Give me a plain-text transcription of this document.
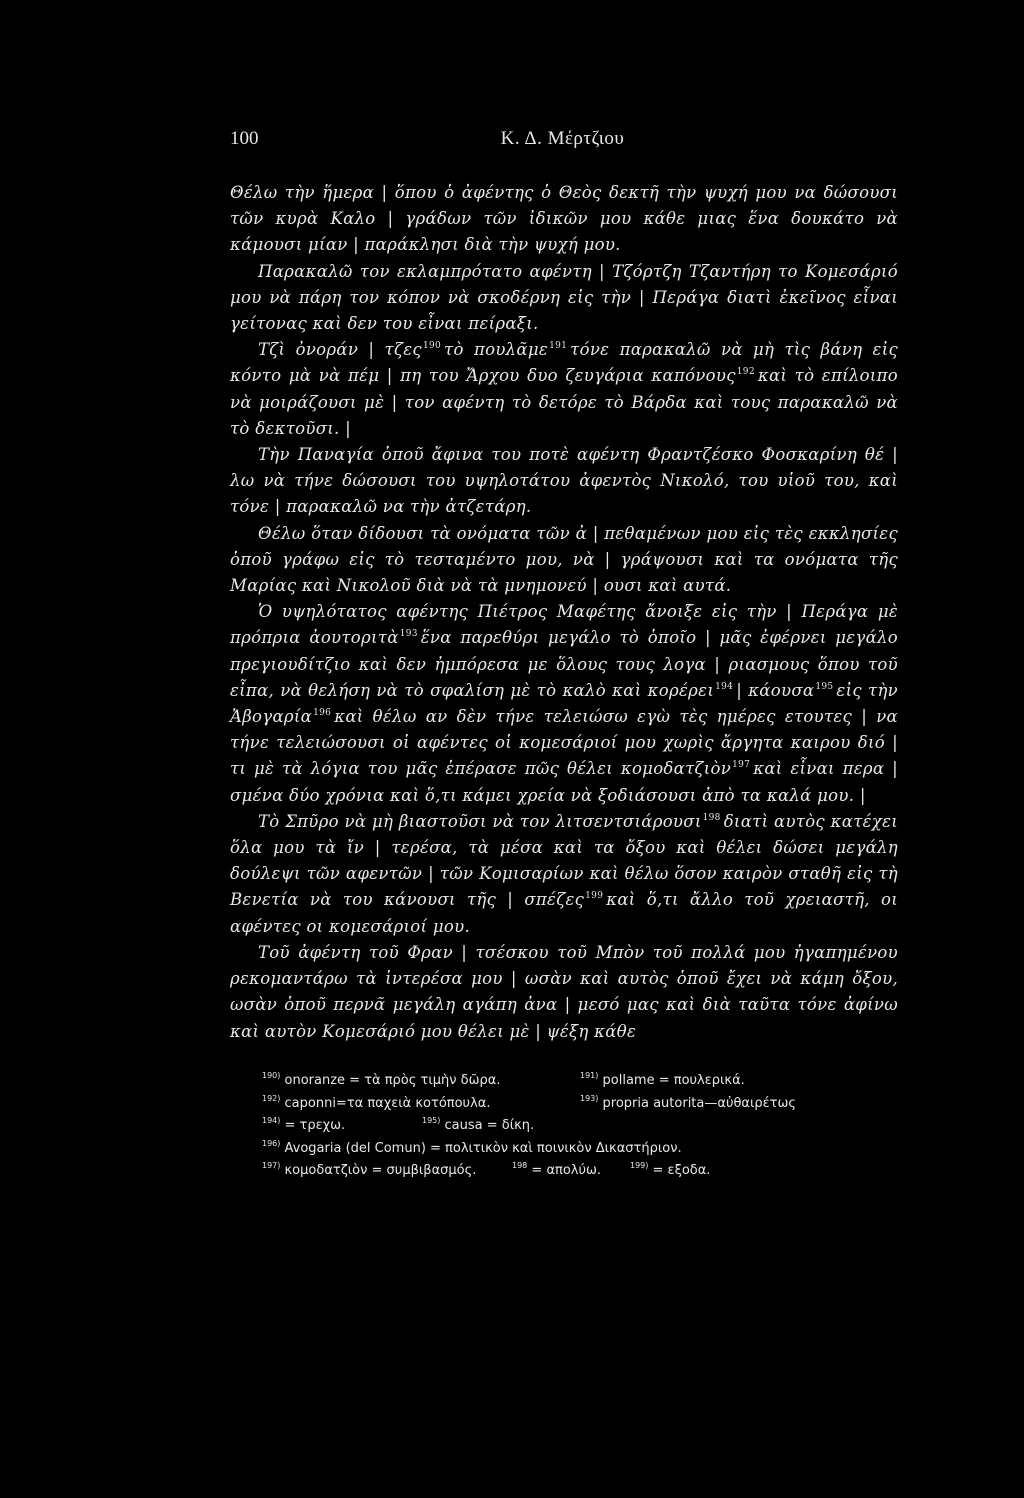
100	Κ. Δ. Μέρτζιου

Θέλω τὴν ἥμερα | ὅπου ὁ ἀφέντης ὁ Θεὸς δεκτῆ τὴν ψυχή μου να δώσουσι τῶν κυρὰ Καλο | γράδων τῶν ἰδικῶν μου κάθε μιας ἕνα δουκάτο νὰ κάμουσι μίαν | παράκλησι διὰ τὴν ψυχή μου.

Παρακαλῶ τον εκλαμπρότατο αφέντη | Τζόρτζη Τζαντήρη το Κομεσάριό μου νὰ πάρη τον κόπον νὰ σκοδέρνη εἰς τὴν | Περάγα διατὶ ἐκεῖνος εἶναι γείτονας καὶ δεν του εἶναι πείραξι.

Τζὶ ὀνοράν | τζες$^{190}$ τὸ πουλᾶμε$^{191}$ τόνε παρακαλῶ νὰ μὴ τὶς βάνη εἰς κόντο μὰ νὰ πέμ | πη του Ἄρχου δυο ζευγάρια καπόνους$^{192}$ καὶ τὸ επίλοιπο νὰ μοιράζουσι μὲ | τον αφέντη τὸ δετόρε τὸ Βάρδα καὶ τους παρακαλῶ νὰ τὸ δεκτοῦσι. |

Τὴν Παναγία ὁποῦ ἄφινα του ποτὲ αφέντη Φραντζέσκο Φοσκαρίνη θέ | λω νὰ τήνε δώσουσι του υψηλοτάτου ἀφεντὸς Νικολό, του υἱοῦ του, καὶ τόνε | παρακαλῶ να τὴν ἀτζετάρη.

Θέλω ὅταν δίδουσι τὰ ονόματα τῶν ἀ | πεθαμένων μου εἰς τὲς εκκλησίες ὁποῦ γράφω εἰς τὸ τεσταμέντο μου, νὰ | γράψουσι καὶ τα ονόματα τῆς Μαρίας καὶ Νικολοῦ διὰ νὰ τὰ μνημονεύ | ουσι καὶ αυτά.

Ὁ υψηλότατος αφέντης Πιέτρος Μαφέτης ἄνοιξε εἰς τὴν | Περάγα μὲ πρόπρια ἀουτοριτὰ$^{193}$ ἕνα παρεθύρι μεγάλο τὸ ὁποῖο | μᾶς ἐφέρνει μεγάλο πρεγιουδίτζιο καὶ δεν ἠμπόρεσα με ὅλους τους λογα | ριασμους ὅπου τοῦ εἶπα, νὰ θελήση νὰ τὸ σφαλίση μὲ τὸ καλὸ καὶ κορέρει$^{194}$ | κάουσα$^{195}$ εἰς τὴν Ἀβογαρία$^{196}$ καὶ θέλω αν δὲν τήνε τελειώσω εγὼ τὲς ημέρες ετουτες | να τήνε τελειώσουσι οἱ αφέντες οἱ κομεσάριοί μου χωρὶς ἄργητα καιρου διό | τι μὲ τὰ λόγια του μᾶς ἐπέρασε πῶς θέλει κομοδατζιὸν$^{197}$ καὶ εἶναι περα | σμένα δύο χρόνια καὶ ὅ,τι κάμει χρεία νὰ ξοδιάσουσι ἀπὸ τα καλά μου. |

Τὸ Σπῦρο νὰ μὴ βιαστοῦσι νὰ τον λιτσεντσιάρουσι$^{198}$ διατὶ αυτὸς κατέχει ὅλα μου τὰ ἴν | τερέσα, τὰ μέσα καὶ τα ὄξου καὶ θέλει δώσει μεγάλη δούλεψι τῶν αφεντῶν | τῶν Κομισαρίων καὶ θέλω ὅσον καιρὸν σταθῆ εἰς τὴ Βενετία νὰ του κάνουσι τῆς | σπέζες$^{199}$ καὶ ὅ,τι ἄλλο τοῦ χρειαστῆ, οι αφέντες οι κομεσάριοί μου.

Τοῦ ἀφέντη τοῦ Φραν | τσέσκου τοῦ Μπὸν τοῦ πολλά μου ἠγαπημένου ρεκομαντάρω τὰ ἰντερέσα μου | ωσὰν καὶ αυτὸς ὁποῦ ἔχει νὰ κάμη ὄξου, ωσὰν ὁποῦ περνᾶ μεγάλη αγάπη ἀνα | μεσό μας καὶ διὰ ταῦτα τόνε ἀφίνω καὶ αυτὸν Κομεσάριό μου θέλει μὲ | ψέξη κάθε

$^{190)}$ onoranze = τὰ πρὸς τιμὴν δῶρα.	$^{191)}$ pollame = πουλερικά.
$^{192)}$ caponni=τα παχειὰ κοτόπουλα.	$^{193)}$ propria autorita—αὐθαιρέτως
$^{194)}$ = τρεχω.	$^{195)}$ causa = δίκη.
$^{196)}$ Avogaria (del Comun) = πολιτικὸν καὶ ποινικὸν Δικαστήριον.
$^{197)}$ κομοδατζιὸν = συμβιβασμός.	$^{198}$ = απολύω.	$^{199)}$ = εξοδα.
